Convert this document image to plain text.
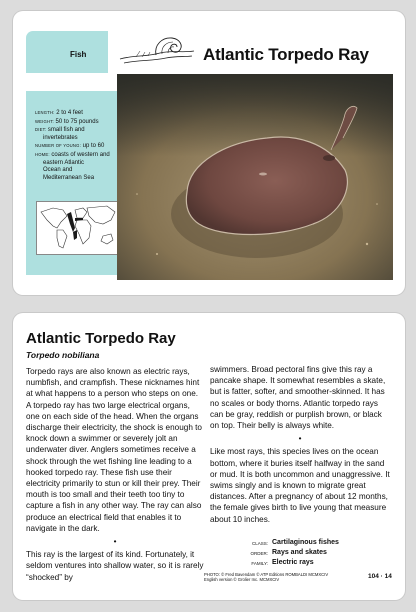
Fish	Atlantic Torpedo Ray
LENGTH: 2 to 4 feet
WEIGHT: 50 to 75 pounds
DIET: small fish and
invertebrates
NUMBER OF YOUNG: up to 60
HOME: coasts of western and
eastern Atlantic
Ocean and
Mediterranean Sea
Atlantic Torpedo Ray
Torpedo nobiliana

Torpedo rays are also known as electric rays, numbfish, and crampfish. These nicknames hint at what happens to a person who steps on one. A torpedo ray has two large electrical organs, one on each side of the head. When the organs discharge their electricity, the shock is enough to knock down a swimmer or severely jolt an underwater diver. Anglers sometimes receive a shock through the wet fishing line leading to a hooked torpedo ray. These fish use their electricity primarily to stun or kill their prey. Their mouth is too small and their teeth too tiny to capture a fish in any other way. The ray can also produce an electrical field that enables it to navigate in the dark.

•

This ray is the largest of its kind. Fortunately, it seldom ventures into shallow water, so it is rarely “shocked” by

swimmers. Broad pectoral fins give this ray a pancake shape. It somewhat resembles a skate, but is fatter, softer, and smoother-skinned. It has no scales or body thorns. Atlantic torpedo rays can be gray, reddish or purplish brown, or black on top. Their belly is always white.

•

Like most rays, this species lives on the ocean bottom, where it buries itself halfway in the sand or mud. It is both uncommon and unaggressive. It swims singly and is known to migrate great distances. After a pregnancy of about 12 months, the female gives birth to live young that measure about 10 inches.

CLASS: Cartilaginous fishes
ORDER: Rays and skates
FAMILY: Electric rays
PHOTO: © Fred Bavendam © ATP Editions ROMBALDI MCMXCIV
English version © Grolier Inc. MCMXCIV	104 · 14
